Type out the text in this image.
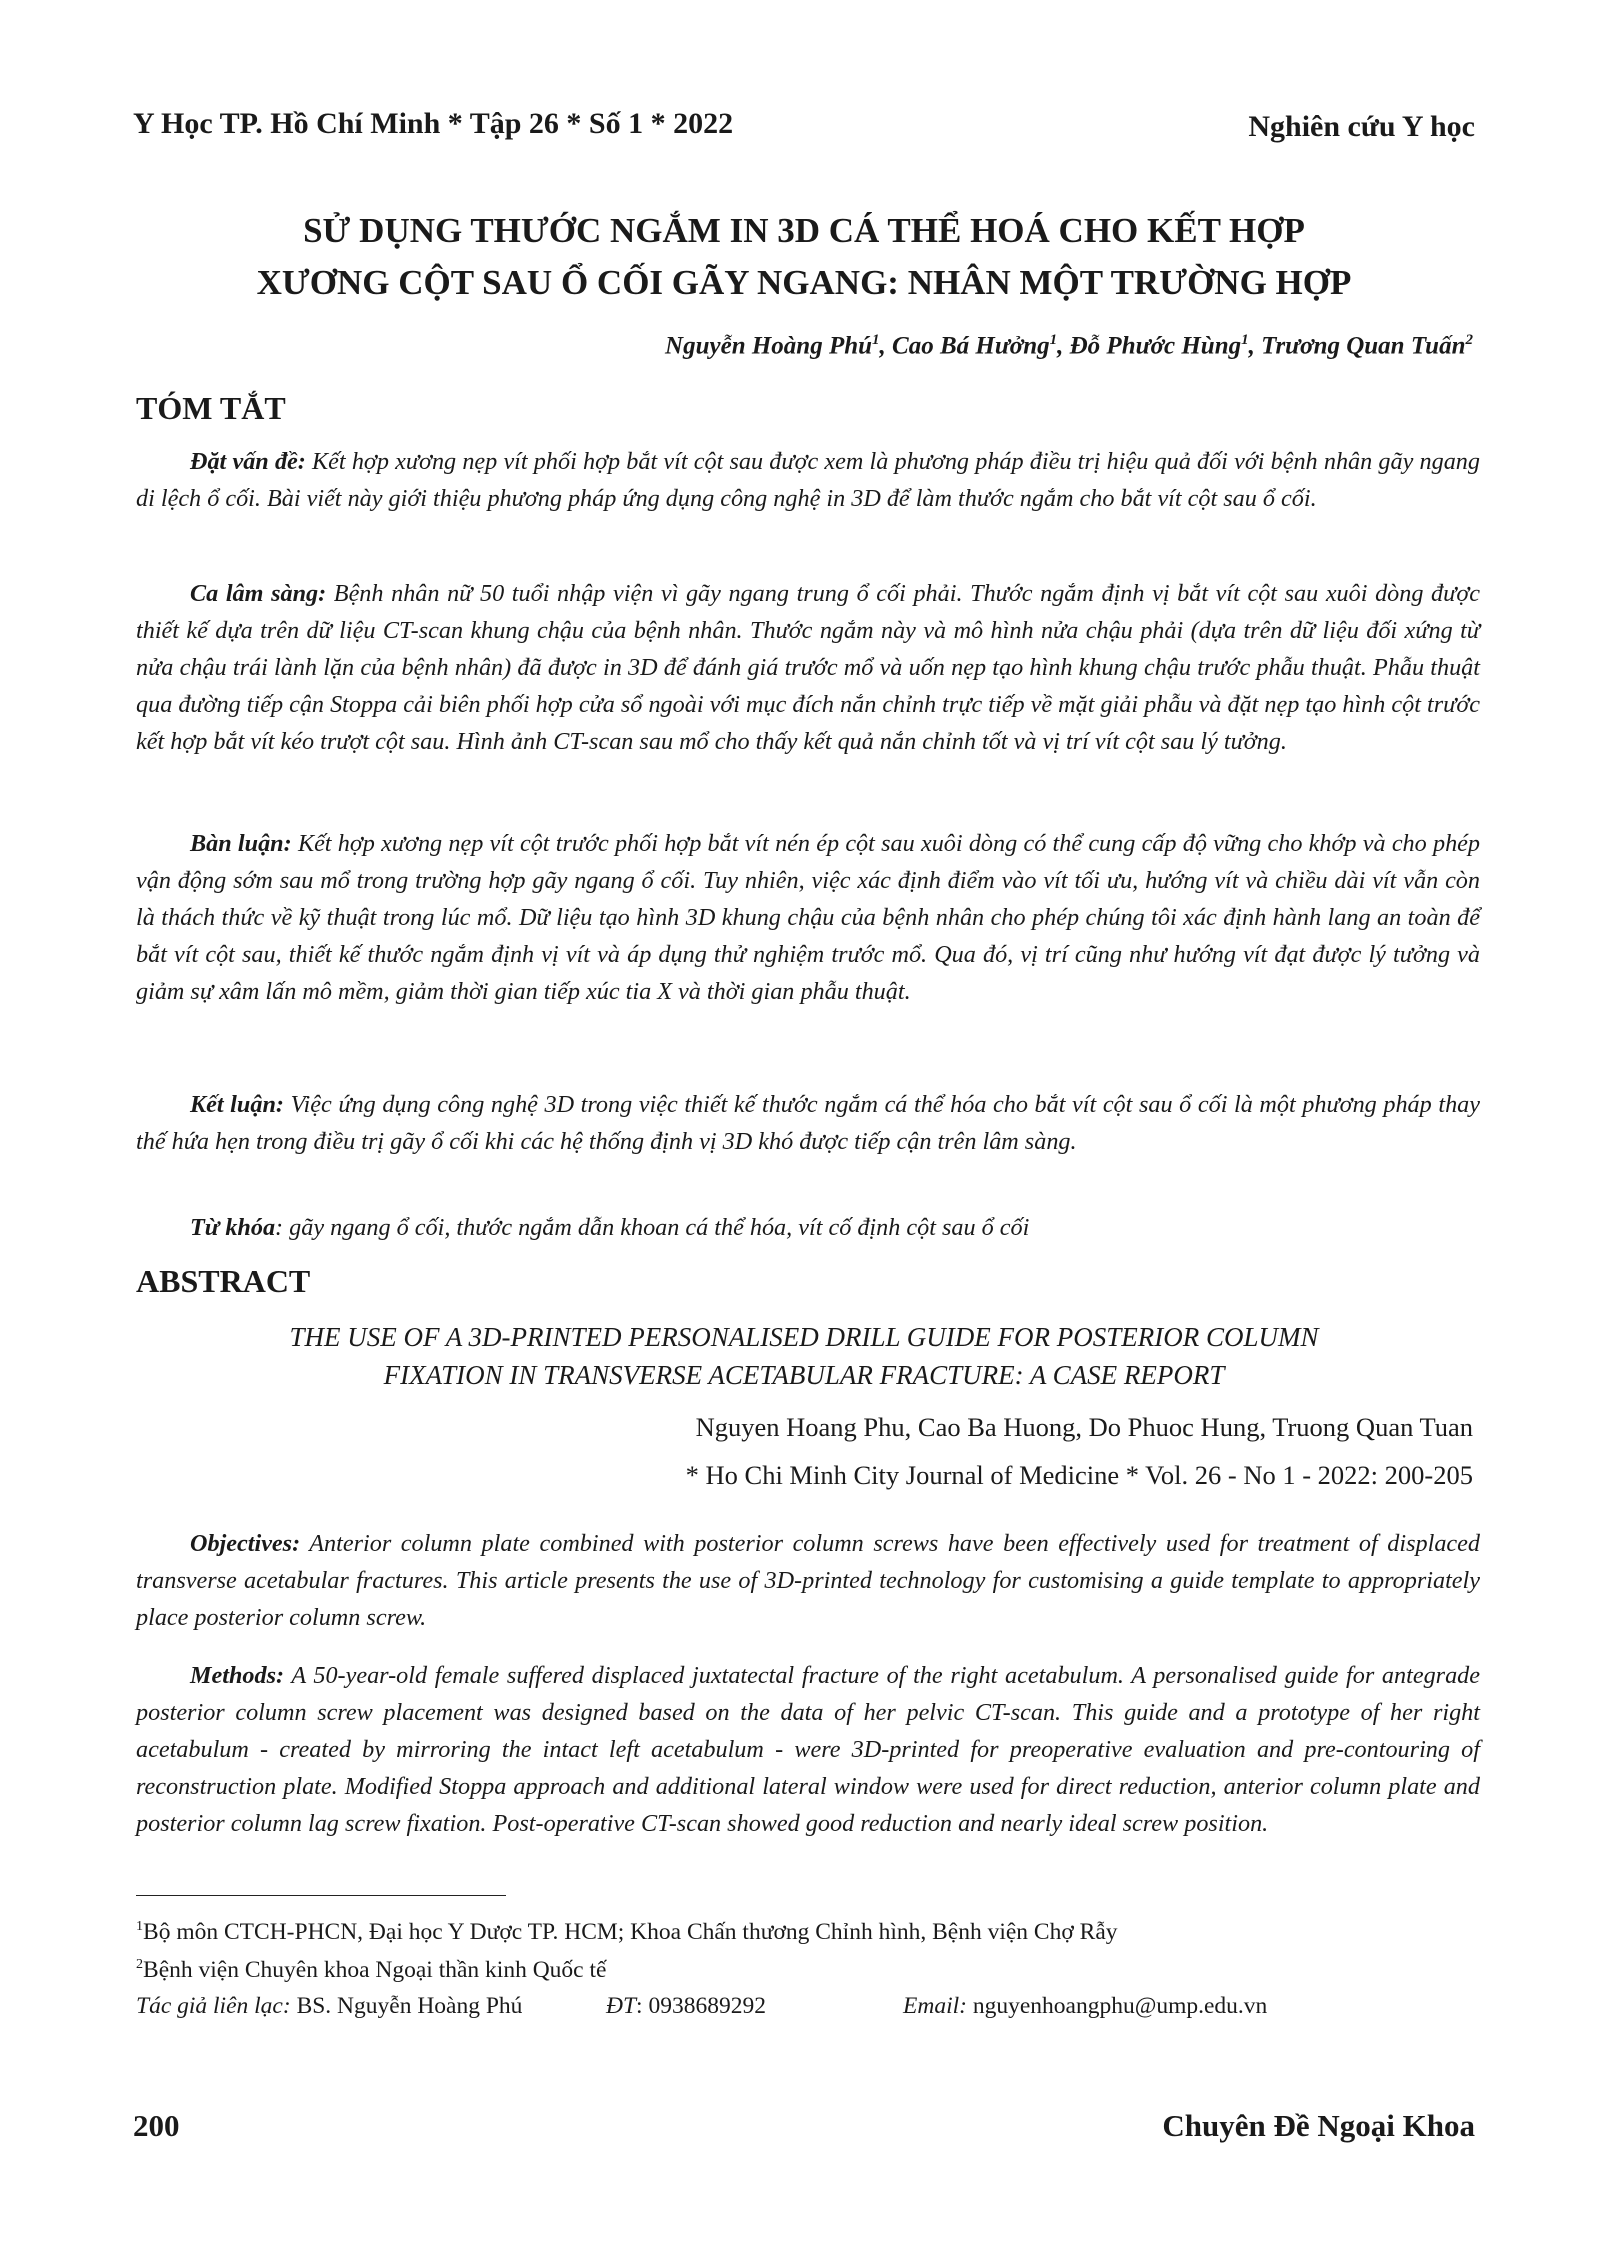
Y Học TP. Hồ Chí Minh * Tập 26 * Số 1 * 2022	Nghiên cứu Y học
SỬ DỤNG THƯỚC NGẮM IN 3D CÁ THỂ HOÁ CHO KẾT HỢP
XƯƠNG CỘT SAU Ổ CỐI GÃY NGANG: NHÂN MỘT TRƯỜNG HỢP
Nguyễn Hoàng Phú$^1$, Cao Bá Hưởng$^1$, Đỗ Phước Hùng$^1$, Trương Quan Tuấn$^2$
TÓM TẮT
Đặt vấn đề: Kết hợp xương nẹp vít phối hợp bắt vít cột sau được xem là phương pháp điều trị hiệu quả đối với bệnh nhân gãy ngang di lệch ổ cối. Bài viết này giới thiệu phương pháp ứng dụng công nghệ in 3D để làm thước ngắm cho bắt vít cột sau ổ cối.
Ca lâm sàng: Bệnh nhân nữ 50 tuổi nhập viện vì gãy ngang trung ổ cối phải. Thước ngắm định vị bắt vít cột sau xuôi dòng được thiết kế dựa trên dữ liệu CT-scan khung chậu của bệnh nhân. Thước ngắm này và mô hình nửa chậu phải (dựa trên dữ liệu đối xứng từ nửa chậu trái lành lặn của bệnh nhân) đã được in 3D để đánh giá trước mổ và uốn nẹp tạo hình khung chậu trước phẫu thuật. Phẫu thuật qua đường tiếp cận Stoppa cải biên phối hợp cửa sổ ngoài với mục đích nắn chỉnh trực tiếp về mặt giải phẫu và đặt nẹp tạo hình cột trước kết hợp bắt vít kéo trượt cột sau. Hình ảnh CT-scan sau mổ cho thấy kết quả nắn chỉnh tốt và vị trí vít cột sau lý tưởng.
Bàn luận: Kết hợp xương nẹp vít cột trước phối hợp bắt vít nén ép cột sau xuôi dòng có thể cung cấp độ vững cho khớp và cho phép vận động sớm sau mổ trong trường hợp gãy ngang ổ cối. Tuy nhiên, việc xác định điểm vào vít tối ưu, hướng vít và chiều dài vít vẫn còn là thách thức về kỹ thuật trong lúc mổ. Dữ liệu tạo hình 3D khung chậu của bệnh nhân cho phép chúng tôi xác định hành lang an toàn để bắt vít cột sau, thiết kế thước ngắm định vị vít và áp dụng thử nghiệm trước mổ. Qua đó, vị trí cũng như hướng vít đạt được lý tưởng và giảm sự xâm lấn mô mềm, giảm thời gian tiếp xúc tia X và thời gian phẫu thuật.
Kết luận: Việc ứng dụng công nghệ 3D trong việc thiết kế thước ngắm cá thể hóa cho bắt vít cột sau ổ cối là một phương pháp thay thế hứa hẹn trong điều trị gãy ổ cối khi các hệ thống định vị 3D khó được tiếp cận trên lâm sàng.
Từ khóa: gãy ngang ổ cối, thước ngắm dẫn khoan cá thể hóa, vít cố định cột sau ổ cối
ABSTRACT
THE USE OF A 3D-PRINTED PERSONALISED DRILL GUIDE FOR POSTERIOR COLUMN
FIXATION IN TRANSVERSE ACETABULAR FRACTURE: A CASE REPORT
Nguyen Hoang Phu, Cao Ba Huong, Do Phuoc Hung, Truong Quan Tuan
* Ho Chi Minh City Journal of Medicine * Vol. 26 - No 1 - 2022: 200-205
Objectives: Anterior column plate combined with posterior column screws have been effectively used for treatment of displaced transverse acetabular fractures. This article presents the use of 3D-printed technology for customising a guide template to appropriately place posterior column screw.
Methods: A 50-year-old female suffered displaced juxtatectal fracture of the right acetabulum. A personalised guide for antegrade posterior column screw placement was designed based on the data of her pelvic CT-scan. This guide and a prototype of her right acetabulum - created by mirroring the intact left acetabulum - were 3D-printed for preoperative evaluation and pre-contouring of reconstruction plate. Modified Stoppa approach and additional lateral window were used for direct reduction, anterior column plate and posterior column lag screw fixation. Post-operative CT-scan showed good reduction and nearly ideal screw position.
$^1$Bộ môn CTCH-PHCN, Đại học Y Dược TP. HCM; Khoa Chấn thương Chỉnh hình, Bệnh viện Chợ Rẫy
$^2$Bệnh viện Chuyên khoa Ngoại thần kinh Quốc tế
Tác giả liên lạc: BS. Nguyễn Hoàng Phú	ĐT: 0938689292	Email: nguyenhoangphu@ump.edu.vn
200	Chuyên Đề Ngoại Khoa
